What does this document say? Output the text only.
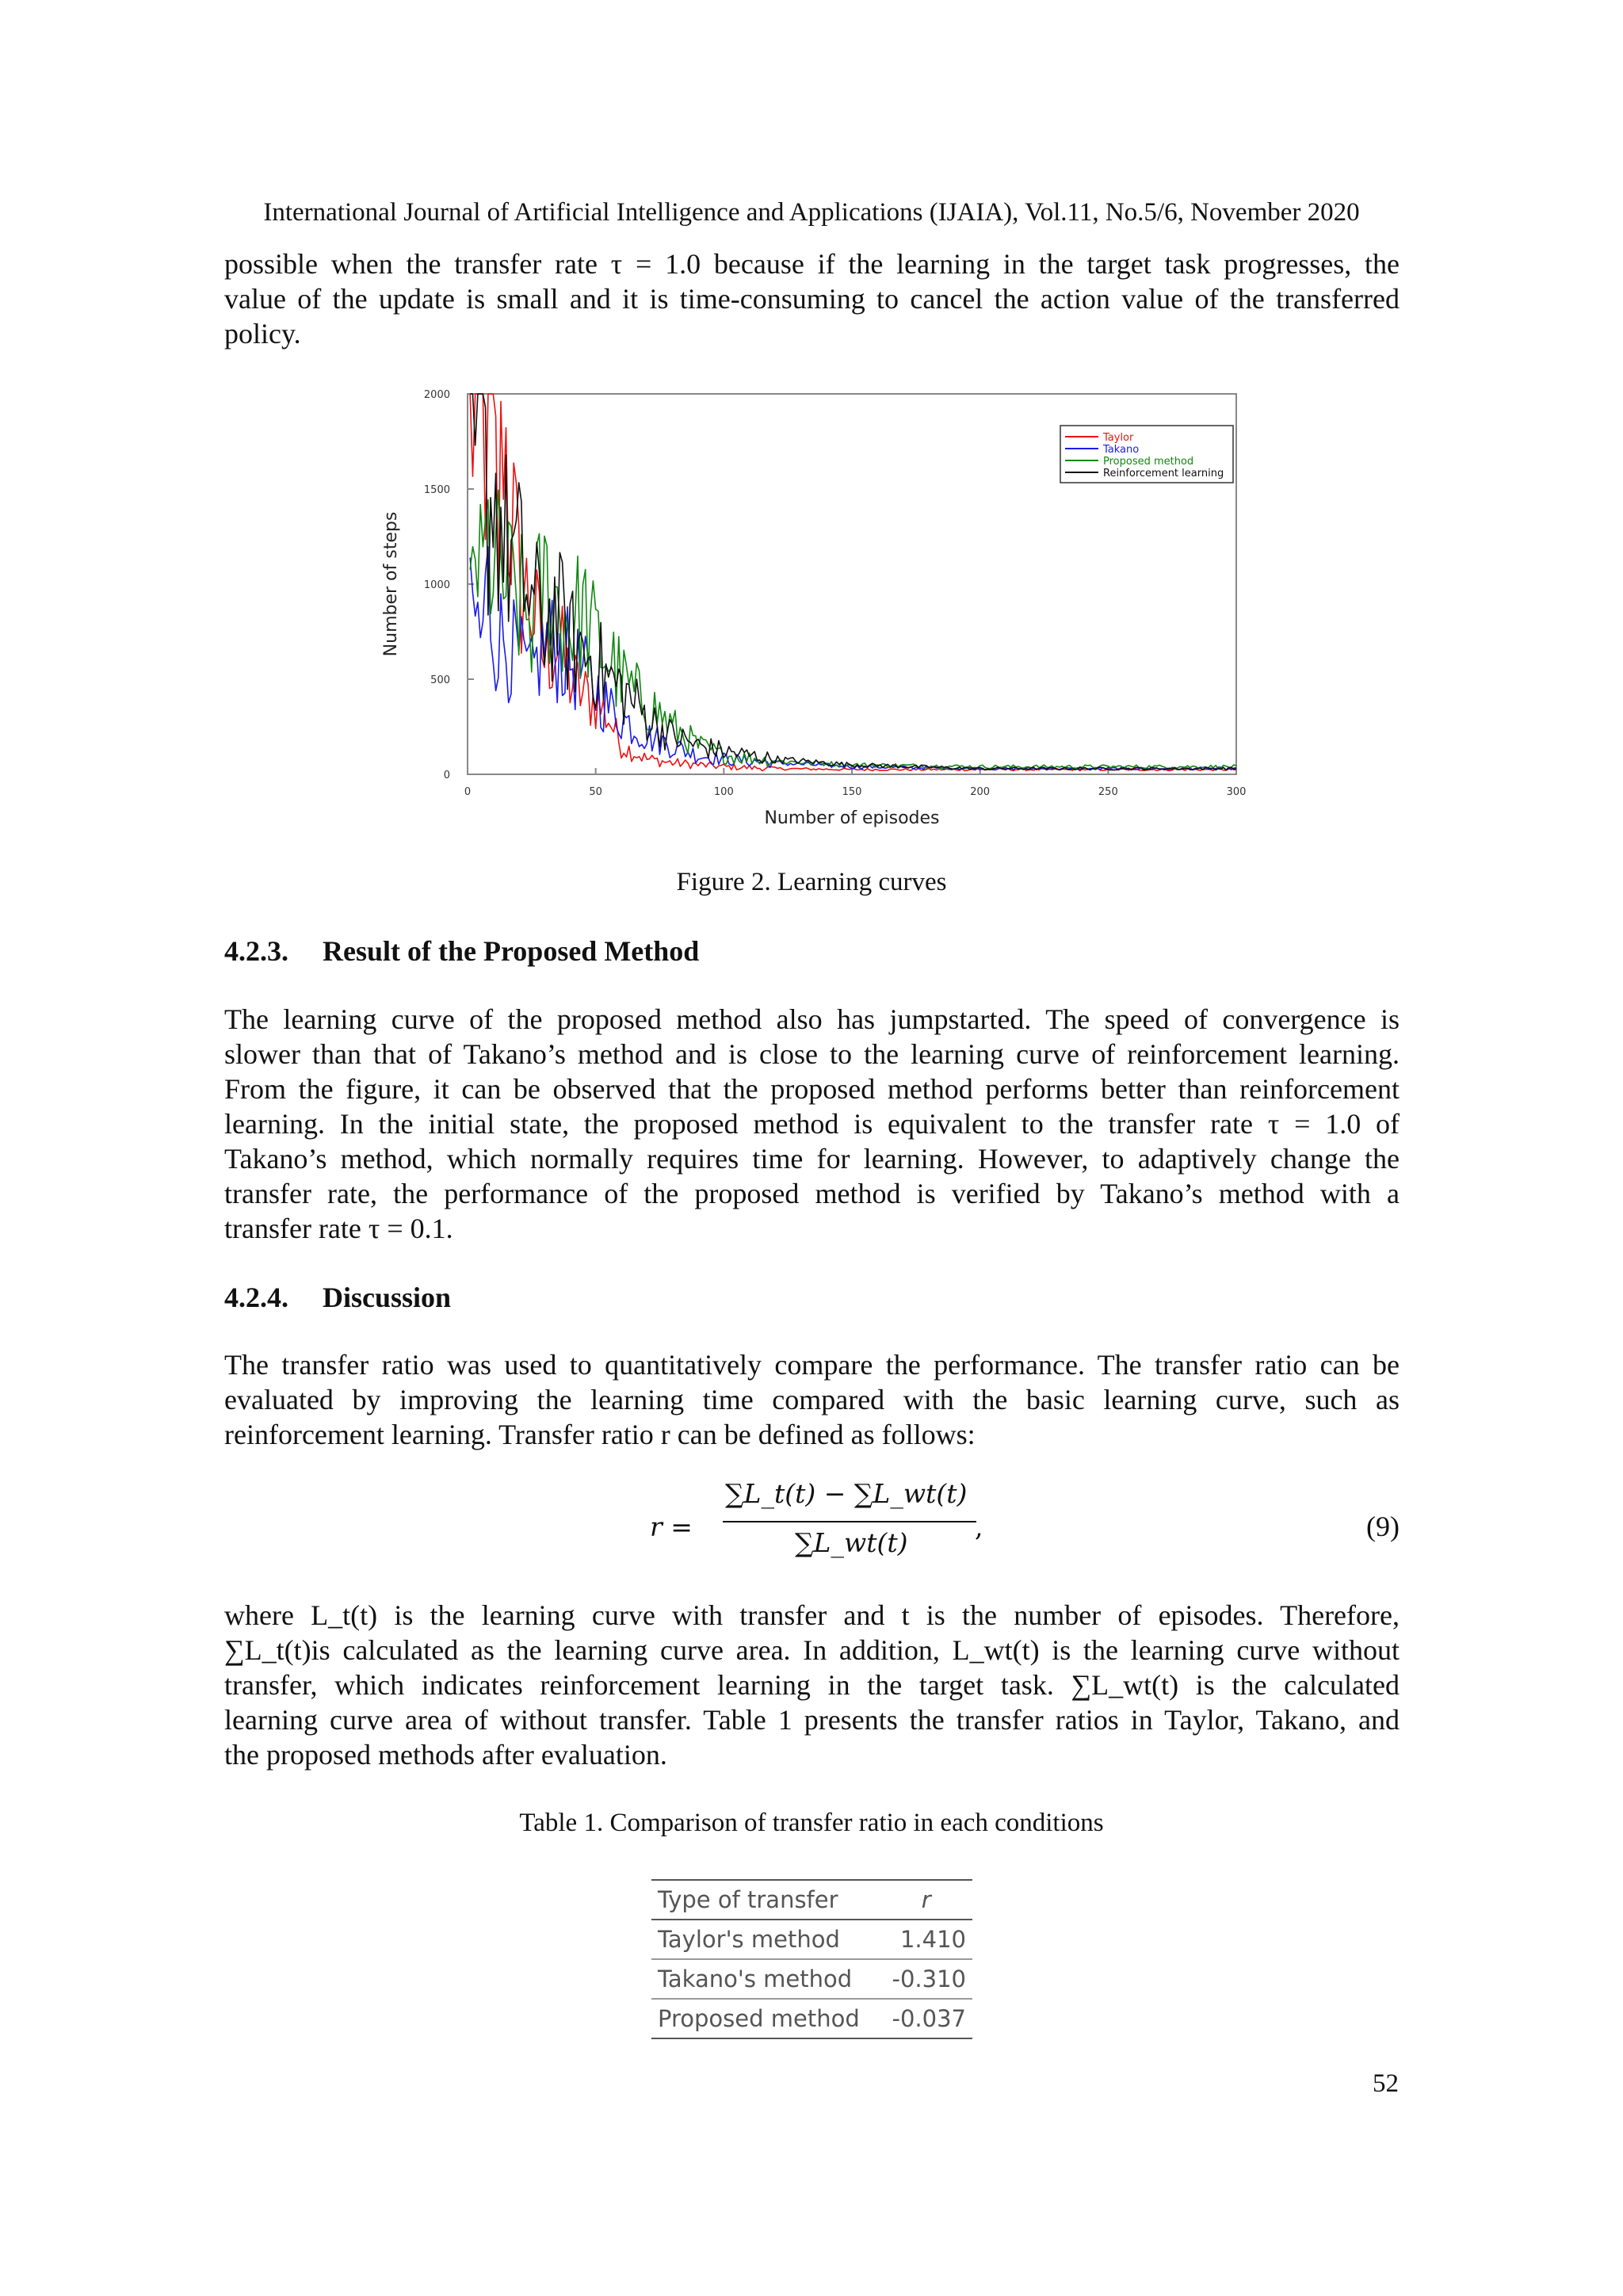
International Journal of Artificial Intelligence and Applications (IJAIA), Vol.11, No.5/6, November 2020
possible when the transfer rate τ = 1.0 because if the learning in the target task progresses, the
value of the update is small and it is time-consuming to cancel the action value of the transferred
policy.
0	50	100	150	200	250	300
0
500
1000
1500
2000
Number of episodes
Number of steps
Taylor
Takano
Proposed method
Reinforcement learning
Figure 2. Learning curves
4.2.3. Result of the Proposed Method
The learning curve of the proposed method also has jumpstarted. The speed of convergence is
slower than that of Takano’s method and is close to the learning curve of reinforcement learning.
From the figure, it can be observed that the proposed method performs better than reinforcement
learning. In the initial state, the proposed method is equivalent to the transfer rate τ = 1.0 of
Takano’s method, which normally requires time for learning. However, to adaptively change the
transfer rate, the performance of the proposed method is verified by Takano’s method with a
transfer rate τ = 0.1.
4.2.4. Discussion
The transfer ratio was used to quantitatively compare the performance. The transfer ratio can be
evaluated by improving the learning time compared with the basic learning curve, such as
reinforcement learning. Transfer ratio r can be defined as follows:
r =
∑L_t(t) − ∑L_wt(t)
∑L_wt(t)
,	(9)
where L_t(t) is the learning curve with transfer and t is the number of episodes. Therefore,
∑L_t(t)is calculated as the learning curve area. In addition, L_wt(t) is the learning curve without
transfer, which indicates reinforcement learning in the target task. ∑L_wt(t) is the calculated
learning curve area of without transfer. Table 1 presents the transfer ratios in Taylor, Takano, and
the proposed methods after evaluation.
Table 1. Comparison of transfer ratio in each conditions
Type of transfer	r
Taylor's method	1.410
Takano's method	-0.310
Proposed method	-0.037
52
